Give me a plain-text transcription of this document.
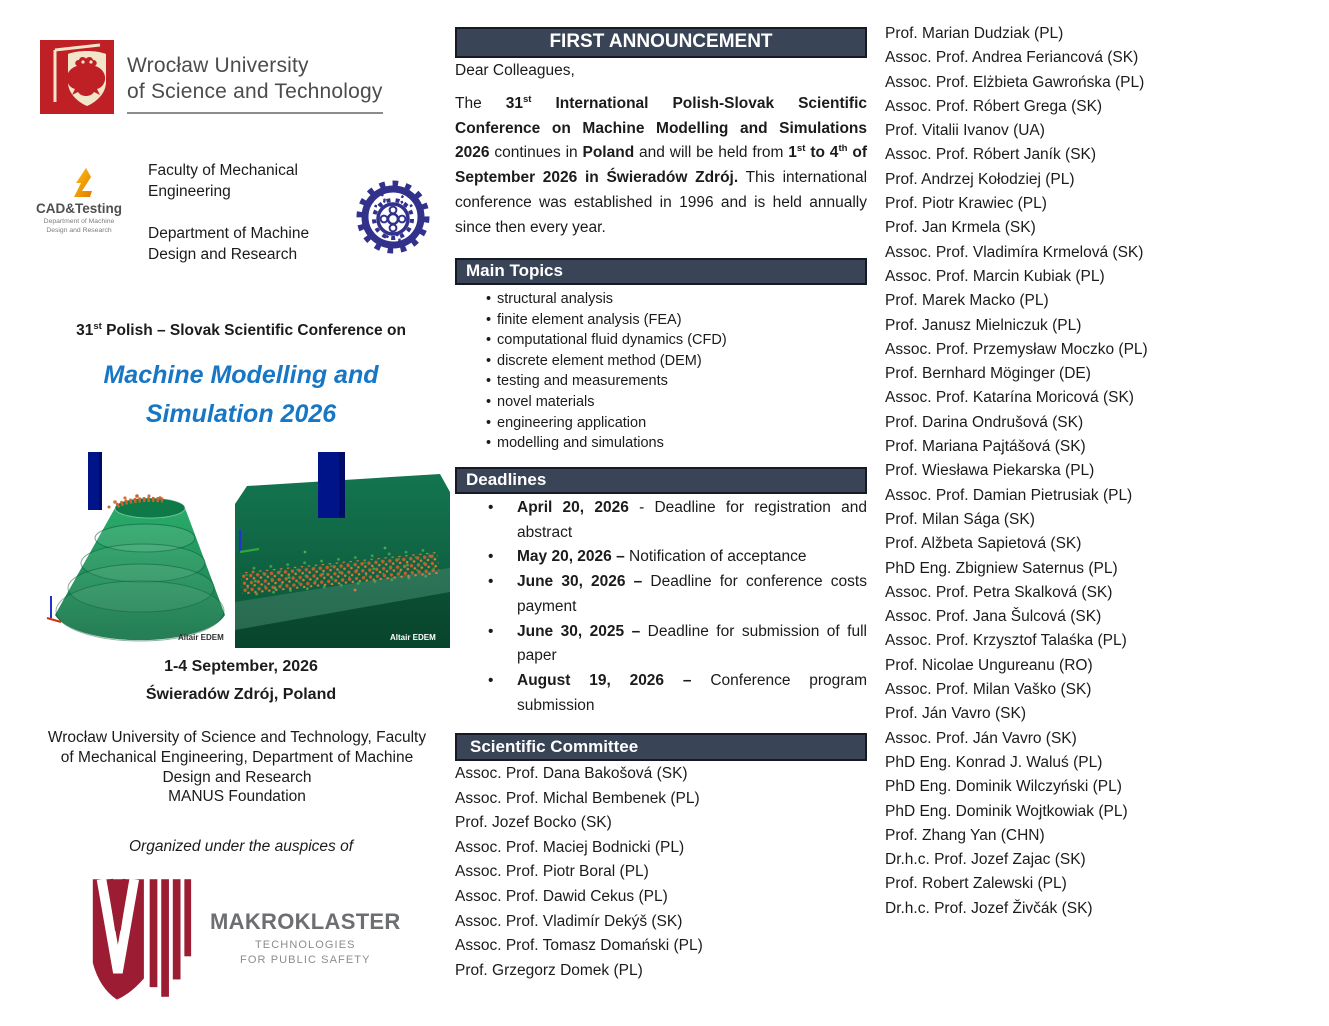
Wrocław University
of Science and Technology
CAD&Testing
Department of Machine
Design and Research

Faculty of Mechanical
Engineering

Department of Machine
Design and Research

31st Polish – Slovak Scientific Conference on
Machine Modelling and
Simulation 2026
Altair EDEM	Altair EDEM
1-4 September, 2026
Świeradów Zdrój, Poland
Wrocław University of Science and Technology, Faculty
of Mechanical Engineering, Department of Machine
Design and Research
MANUS Foundation
Organized under the auspices of
MAKROKLASTER
TECHNOLOGIES
FOR PUBLIC SAFETY
FIRST ANNOUNCEMENT

Dear Colleagues,

The 31st International Polish-Slovak Scientific Conference on Machine Modelling and Simulations 2026 continues in Poland and will be held from 1st to 4th of September 2026 in Świeradów Zdrój. This international conference was established in 1996 and is held annually since then every year.

Main Topics
• structural analysis
• finite element analysis (FEA)
• computational fluid dynamics (CFD)
• discrete element method (DEM)
• testing and measurements
• novel materials
• engineering application
• modelling and simulations
Deadlines
• April 20, 2026 - Deadline for registration and abstract
• May 20, 2026 – Notification of acceptance
• June 30, 2026 – Deadline for conference costs payment
• June 30, 2025 – Deadline for submission of full paper
• August 19, 2026 – Conference program submission
Scientific Committee
Assoc. Prof. Dana Bakošová (SK)
Assoc. Prof. Michal Bembenek (PL)
Prof. Jozef Bocko (SK)
Assoc. Prof. Maciej Bodnicki (PL)
Assoc. Prof. Piotr Boral (PL)
Assoc. Prof. Dawid Cekus (PL)
Assoc. Prof. Vladimír Dekýš (SK)
Assoc. Prof. Tomasz Domański (PL)
Prof. Grzegorz Domek (PL)
Prof. Marian Dudziak (PL)
Assoc. Prof. Andrea Feriancová (SK)
Assoc. Prof. Elżbieta Gawrońska (PL)
Assoc. Prof. Róbert Grega (SK)
Prof. Vitalii Ivanov (UA)
Assoc. Prof. Róbert Janík (SK)
Prof. Andrzej Kołodziej (PL)
Prof. Piotr Krawiec (PL)
Prof. Jan Krmela (SK)
Assoc. Prof. Vladimíra Krmelová (SK)
Assoc. Prof. Marcin Kubiak (PL)
Prof. Marek Macko (PL)
Prof. Janusz Mielniczuk (PL)
Assoc. Prof. Przemysław Moczko (PL)
Prof. Bernhard Möginger (DE)
Assoc. Prof. Katarína Moricová (SK)
Prof. Darina Ondrušová (SK)
Prof. Mariana Pajtášová (SK)
Prof. Wiesława Piekarska (PL)
Assoc. Prof. Damian Pietrusiak (PL)
Prof. Milan Sága (SK)
Prof. Alžbeta Sapietová (SK)
PhD Eng. Zbigniew Saternus (PL)
Assoc. Prof. Petra Skalková (SK)
Assoc. Prof. Jana Šulcová (SK)
Assoc. Prof. Krzysztof Talaśka (PL)
Prof. Nicolae Ungureanu (RO)
Assoc. Prof. Milan Vaško (SK)
Prof. Ján Vavro (SK)
Assoc. Prof. Ján Vavro (SK)
PhD Eng. Konrad J. Waluś (PL)
PhD Eng. Dominik Wilczyński (PL)
PhD Eng. Dominik Wojtkowiak (PL)
Prof. Zhang Yan (CHN)
Dr.h.c. Prof. Jozef Zajac (SK)
Prof. Robert Zalewski (PL)
Dr.h.c. Prof. Jozef Živčák (SK)
